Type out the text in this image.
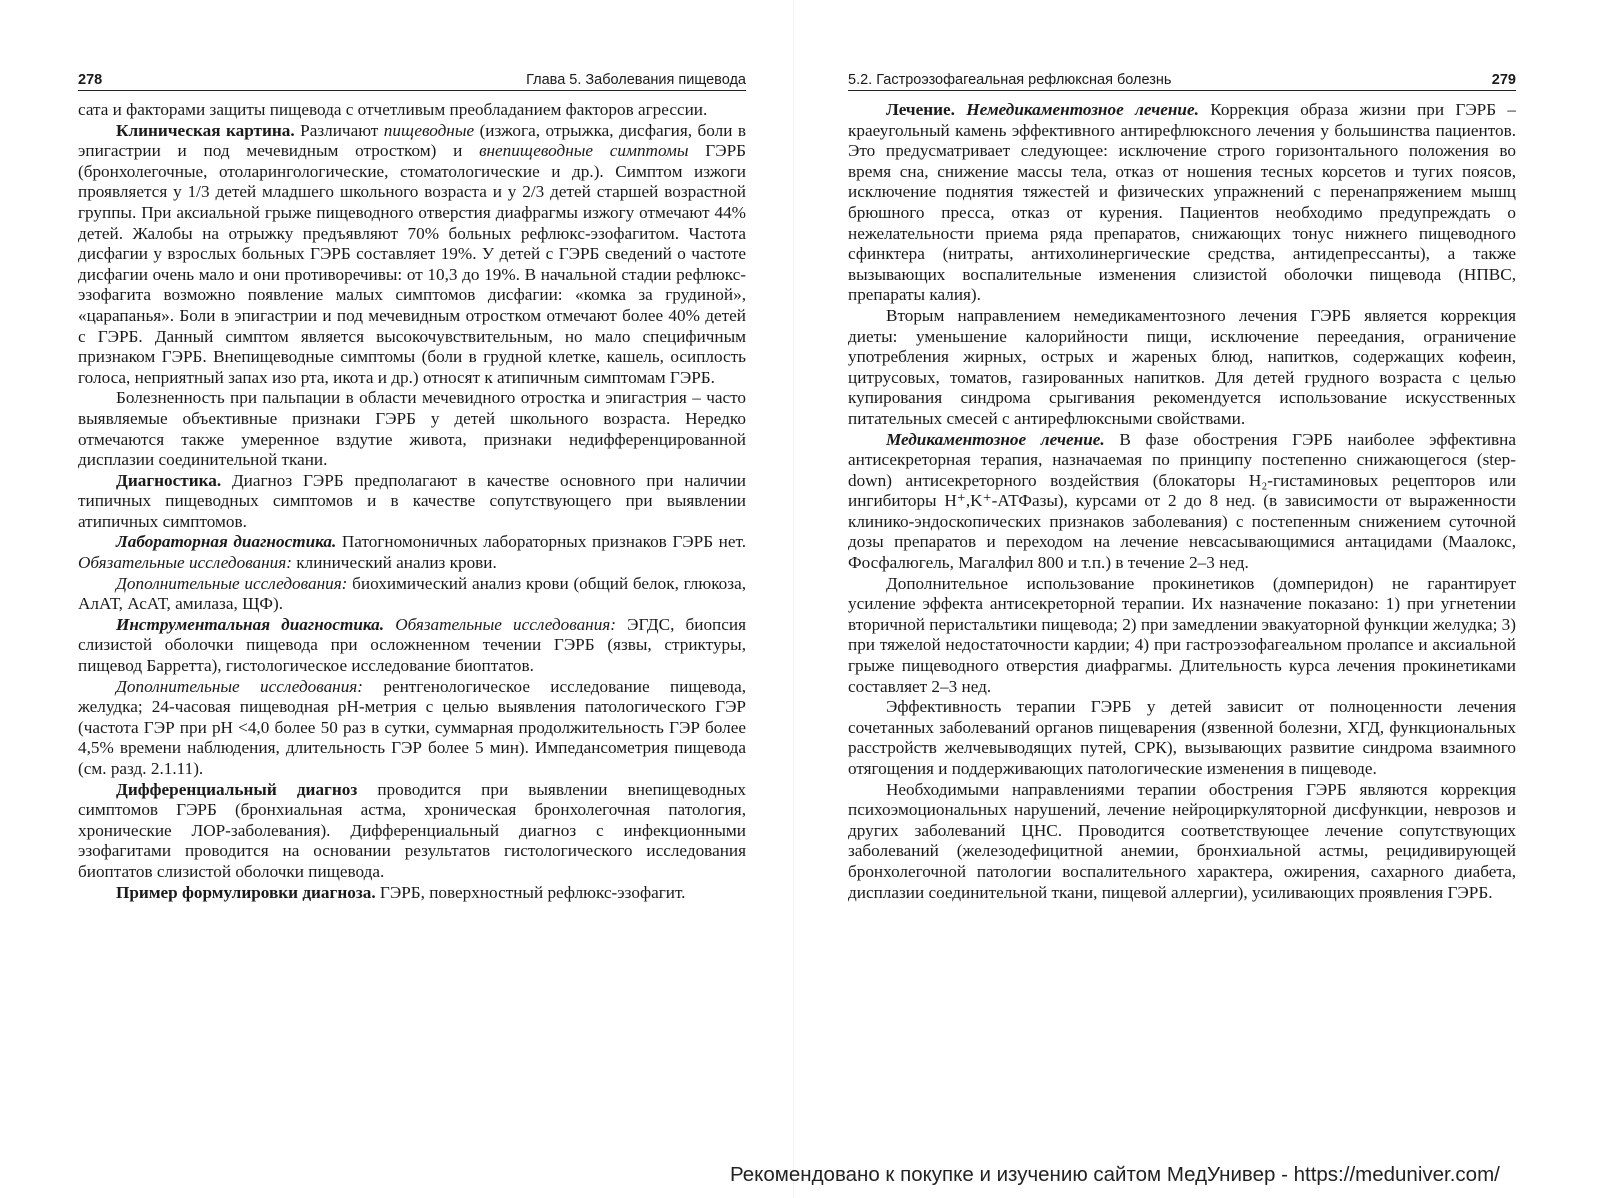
278	Глава 5. Заболевания пищевода

сата и факторами защиты пищевода с отчетливым преобладанием факторов агрессии.

Клиническая картина. Различают пищеводные (изжога, отрыжка, дисфагия, боли в эпигастрии и под мечевидным отростком) и внепищеводные симптомы ГЭРБ (бронхолегочные, отоларингологические, стоматологические и др.). Симптом изжоги проявляется у 1/3 детей младшего школьного возраста и у 2/3 детей старшей возрастной группы. При аксиальной грыже пищеводного отверстия диафрагмы изжогу отмечают 44% детей. Жалобы на отрыжку предъявляют 70% больных рефлюкс-эзофагитом. Частота дисфагии у взрослых больных ГЭРБ составляет 19%. У детей с ГЭРБ сведений о частоте дисфагии очень мало и они противоречивы: от 10,3 до 19%. В начальной стадии рефлюкс-эзофагита возможно появление малых симптомов дисфагии: «комка за грудиной», «царапанья». Боли в эпигастрии и под мечевидным отростком отмечают более 40% детей с ГЭРБ. Данный симптом является высокочувствительным, но мало специфичным признаком ГЭРБ. Внепищеводные симптомы (боли в грудной клетке, кашель, осиплость голоса, неприятный запах изо рта, икота и др.) относят к атипичным симптомам ГЭРБ.

Болезненность при пальпации в области мечевидного отростка и эпигастрия – часто выявляемые объективные признаки ГЭРБ у детей школьного возраста. Нередко отмечаются также умеренное вздутие живота, признаки недифференцированной дисплазии соединительной ткани.

Диагностика. Диагноз ГЭРБ предполагают в качестве основного при наличии типичных пищеводных симптомов и в качестве сопутствующего при выявлении атипичных симптомов.

Лабораторная диагностика. Патогномоничных лабораторных признаков ГЭРБ нет. Обязательные исследования: клинический анализ крови.

Дополнительные исследования: биохимический анализ крови (общий белок, глюкоза, АлАТ, АсАТ, амилаза, ЩФ).

Инструментальная диагностика. Обязательные исследования: ЭГДС, биопсия слизистой оболочки пищевода при осложненном течении ГЭРБ (язвы, стриктуры, пищевод Барретта), гистологическое исследование биоптатов.

Дополнительные исследования: рентгенологическое исследование пищевода, желудка; 24-часовая пищеводная pH-метрия с целью выявления патологического ГЭР (частота ГЭР при pH <4,0 более 50 раз в сутки, суммарная продолжительность ГЭР более 4,5% времени наблюдения, длительность ГЭР более 5 мин). Импедансометрия пищевода (см. разд. 2.1.11).

Дифференциальный диагноз проводится при выявлении внепищеводных симптомов ГЭРБ (бронхиальная астма, хроническая бронхолегочная патология, хронические ЛОР-заболевания). Дифференциальный диагноз с инфекционными эзофагитами проводится на основании результатов гистологического исследования биоптатов слизистой оболочки пищевода.

Пример формулировки диагноза. ГЭРБ, поверхностный рефлюкс-эзофагит.

5.2. Гастроэзофагеальная рефлюксная болезнь	279

Лечение. Немедикаментозное лечение. Коррекция образа жизни при ГЭРБ – краеугольный камень эффективного антирефлюксного лечения у большинства пациентов. Это предусматривает следующее: исключение строго горизонтального положения во время сна, снижение массы тела, отказ от ношения тесных корсетов и тугих поясов, исключение поднятия тяжестей и физических упражнений с перенапряжением мышц брюшного пресса, отказ от курения. Пациентов необходимо предупреждать о нежелательности приема ряда препаратов, снижающих тонус нижнего пищеводного сфинктера (нитраты, антихолинергические средства, антидепрессанты), а также вызывающих воспалительные изменения слизистой оболочки пищевода (НПВС, препараты калия).

Вторым направлением немедикаментозного лечения ГЭРБ является коррекция диеты: уменьшение калорийности пищи, исключение переедания, ограничение употребления жирных, острых и жареных блюд, напитков, содержащих кофеин, цитрусовых, томатов, газированных напитков. Для детей грудного возраста с целью купирования синдрома срыгивания рекомендуется использование искусственных питательных смесей с антирефлюксными свойствами.

Медикаментозное лечение. В фазе обострения ГЭРБ наиболее эффективна антисекреторная терапия, назначаемая по принципу постепенно снижающегося (step-down) антисекреторного воздействия (блокаторы H₂-гистаминовых рецепторов или ингибиторы H⁺,K⁺-АТФазы), курсами от 2 до 8 нед. (в зависимости от выраженности клинико-эндоскопических признаков заболевания) с постепенным снижением суточной дозы препаратов и переходом на лечение невсасывающимися антацидами (Маалокс, Фосфалюгель, Магалфил 800 и т.п.) в течение 2–3 нед.

Дополнительное использование прокинетиков (домперидон) не гарантирует усиление эффекта антисекреторной терапии. Их назначение показано: 1) при угнетении вторичной перистальтики пищевода; 2) при замедлении эвакуаторной функции желудка; 3) при тяжелой недостаточности кардии; 4) при гастроэзофагеальном пролапсе и аксиальной грыже пищеводного отверстия диафрагмы. Длительность курса лечения прокинетиками составляет 2–3 нед.

Эффективность терапии ГЭРБ у детей зависит от полноценности лечения сочетанных заболеваний органов пищеварения (язвенной болезни, ХГД, функциональных расстройств желчевыводящих путей, СРК), вызывающих развитие синдрома взаимного отягощения и поддерживающих патологические изменения в пищеводе.

Необходимыми направлениями терапии обострения ГЭРБ являются коррекция психоэмоциональных нарушений, лечение нейроциркуляторной дисфункции, неврозов и других заболеваний ЦНС. Проводится соответствующее лечение сопутствующих заболеваний (железодефицитной анемии, бронхиальной астмы, рецидивирующей бронхолегочной патологии воспалительного характера, ожирения, сахарного диабета, дисплазии соединительной ткани, пищевой аллергии), усиливающих проявления ГЭРБ.

Рекомендовано к покупке и изучению сайтом МедУнивер - https://meduniver.com/
